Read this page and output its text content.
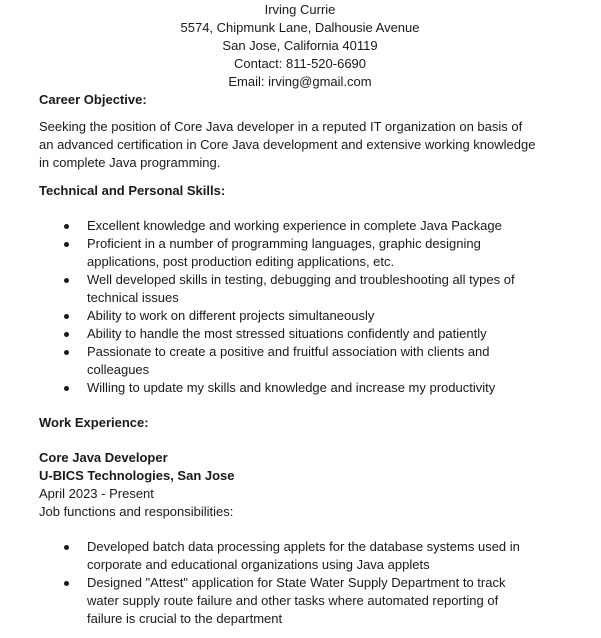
Irving Currie
5574, Chipmunk Lane, Dalhousie Avenue
San Jose, California 40119
Contact: 811-520-6690
Email: irving@gmail.com
Career Objective:

Seeking the position of Core Java developer in a reputed IT organization on basis of an advanced certification in Core Java development and extensive working knowledge in complete Java programming.

Technical and Personal Skills:
Excellent knowledge and working experience in complete Java Package
Proficient in a number of programming languages, graphic designing applications, post production editing applications, etc.
Well developed skills in testing, debugging and troubleshooting all types of technical issues
Ability to work on different projects simultaneously
Ability to handle the most stressed situations confidently and patiently
Passionate to create a positive and fruitful association with clients and colleagues
Willing to update my skills and knowledge and increase my productivity
Work Experience:
Core Java Developer
U-BICS Technologies, San Jose
April 2023 - Present
Job functions and responsibilities:
Developed batch data processing applets for the database systems used in corporate and educational organizations using Java applets
Designed "Attest" application for State Water Supply Department to track water supply route failure and other tasks where automated reporting of failure is crucial to the department
